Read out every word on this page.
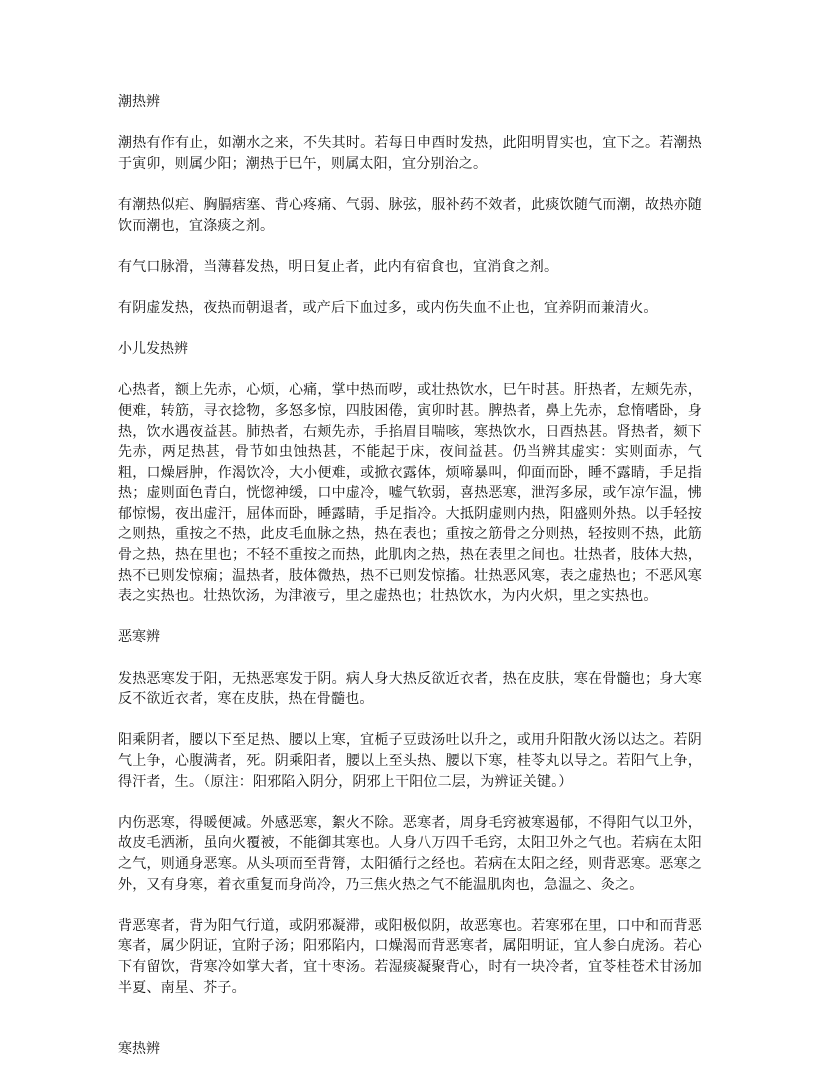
潮热辨

潮热有作有止，如潮水之来，不失其时。若每日申酉时发热，此阳明胃实也，宜下之。若潮热于寅卯，则属少阳；潮热于巳午，则属太阳，宜分别治之。

有潮热似疟、胸膈痞塞、背心疼痛、气弱、脉弦，服补药不效者，此痰饮随气而潮，故热亦随饮而潮也，宜涤痰之剂。

有气口脉滑，当薄暮发热，明日复止者，此内有宿食也，宜消食之剂。

有阴虚发热，夜热而朝退者，或产后下血过多，或内伤失血不止也，宜养阴而兼清火。

小儿发热辨

心热者，额上先赤，心烦，心痛，掌中热而哕，或壮热饮水，巳午时甚。肝热者，左颊先赤，便难，转筋，寻衣捻物，多怒多惊，四肢困倦，寅卯时甚。脾热者，鼻上先赤，怠惰嗜卧，身热，饮水遇夜益甚。肺热者，右颊先赤，手掐眉目喘咳，寒热饮水，日酉热甚。肾热者，颏下先赤，两足热甚，骨节如虫蚀热甚，不能起于床，夜间益甚。仍当辨其虚实：实则面赤，气粗，口燥唇肿，作渴饮冷，大小便难，或掀衣露体，烦啼暴叫，仰面而卧，睡不露睛，手足指热；虚则面色青白，恍惚神缓，口中虚冷，嘘气软弱，喜热恶寒，泄泻多尿，或乍凉乍温，怫郁惊惕，夜出虚汗，屈体而卧，睡露睛，手足指冷。大抵阴虚则内热，阳盛则外热。以手轻按之则热，重按之不热，此皮毛血脉之热，热在表也；重按之筋骨之分则热，轻按则不热，此筋骨之热，热在里也；不轻不重按之而热，此肌肉之热，热在表里之间也。壮热者，肢体大热，热不已则发惊痫；温热者，肢体微热，热不已则发惊搐。壮热恶风寒，表之虚热也；不恶风寒表之实热也。壮热饮汤，为津液亏，里之虚热也；壮热饮水，为内火炽，里之实热也。

恶寒辨

发热恶寒发于阳，无热恶寒发于阴。病人身大热反欲近衣者，热在皮肤，寒在骨髓也；身大寒反不欲近衣者，寒在皮肤，热在骨髓也。

阳乘阴者，腰以下至足热、腰以上寒，宜栀子豆豉汤吐以升之，或用升阳散火汤以达之。若阴气上争，心腹满者，死。阴乘阳者，腰以上至头热、腰以下寒，桂苓丸以导之。若阳气上争，得汗者，生。（原注：阳邪陷入阴分，阴邪上干阳位二层，为辨证关键。）

内伤恶寒，得暖便减。外感恶寒，絮火不除。恶寒者，周身毛窍被寒遏郁，不得阳气以卫外，故皮毛洒淅，虽向火覆被，不能御其寒也。人身八万四千毛窍，太阳卫外之气也。若病在太阳之气，则通身恶寒。从头项而至背膂，太阳循行之经也。若病在太阳之经，则背恶寒。恶寒之外，又有身寒，着衣重复而身尚冷，乃三焦火热之气不能温肌肉也，急温之、灸之。

背恶寒者，背为阳气行道，或阴邪凝滞，或阳极似阴，故恶寒也。若寒邪在里，口中和而背恶寒者，属少阴证，宜附子汤；阳邪陷内，口燥渴而背恶寒者，属阳明证，宜人参白虎汤。若心下有留饮，背寒冷如掌大者，宜十枣汤。若湿痰凝聚背心，时有一块冷者，宜苓桂苍术甘汤加半夏、南星、芥子。

寒热辨
